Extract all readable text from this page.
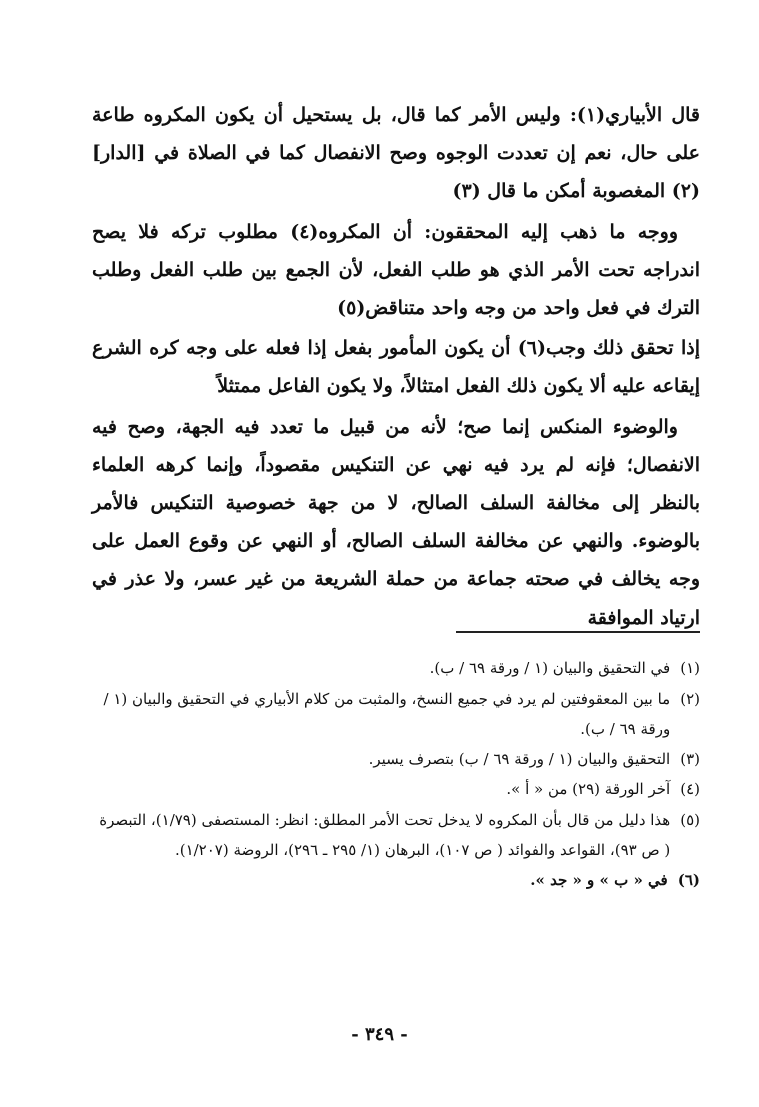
قال الأبياري(١): وليس الأمر كما قال، بل يستحيل أن يكون المكروه طاعة على حال، نعم إن تعددت الوجوه وصح الانفصال كما في الصلاة في [الدار](٢) المغصوبة أمكن ما قال (٣)

ووجه ما ذهب إليه المحققون: أن المكروه(٤) مطلوب تركه فلا يصح اندراجه تحت الأمر الذي هو طلب الفعل، لأن الجمع بين طلب الفعل وطلب الترك في فعل واحد من وجه واحد متناقض(٥)

إذا تحقق ذلك وجب(٦) أن يكون المأمور بفعل إذا فعله على وجه كره الشرع إيقاعه عليه ألا يكون ذلك الفعل امتثالاً، ولا يكون الفاعل ممتثلاً

والوضوء المنكس إنما صح؛ لأنه من قبيل ما تعدد فيه الجهة، وصح فيه الانفصال؛ فإنه لم يرد فيه نهي عن التنكيس مقصوداً، وإنما كرهه العلماء بالنظر إلى مخالفة السلف الصالح، لا من جهة خصوصية التنكيس فالأمر بالوضوء. والنهي عن مخالفة السلف الصالح، أو النهي عن وقوع العمل على وجه يخالف في صحته جماعة من حملة الشريعة من غير عسر، ولا عذر في ارتياد الموافقة

(١)
في التحقيق والبيان (١ / ورقة ٦٩ / ب).
(٢)
ما بين المعقوفتين لم يرد في جميع النسخ، والمثبت من كلام الأبياري في التحقيق والبيان (١ / ورقة ٦٩ / ب).
(٣)
التحقيق والبيان (١ / ورقة ٦٩ / ب) بتصرف يسير.
(٤)
آخر الورقة (٢٩) من « أ ».
(٥)
هذا دليل من قال بأن المكروه لا يدخل تحت الأمر المطلق: انظر: المستصفى (١/٧٩)، التبصرة ( ص ٩٣)، القواعد والفوائد ( ص ١٠٧)، البرهان (١/ ٢٩٥ ـ ٢٩٦)، الروضة (١/٢٠٧).
(٦)
في « ب » و « جد ».
- ٣٤٩ -
